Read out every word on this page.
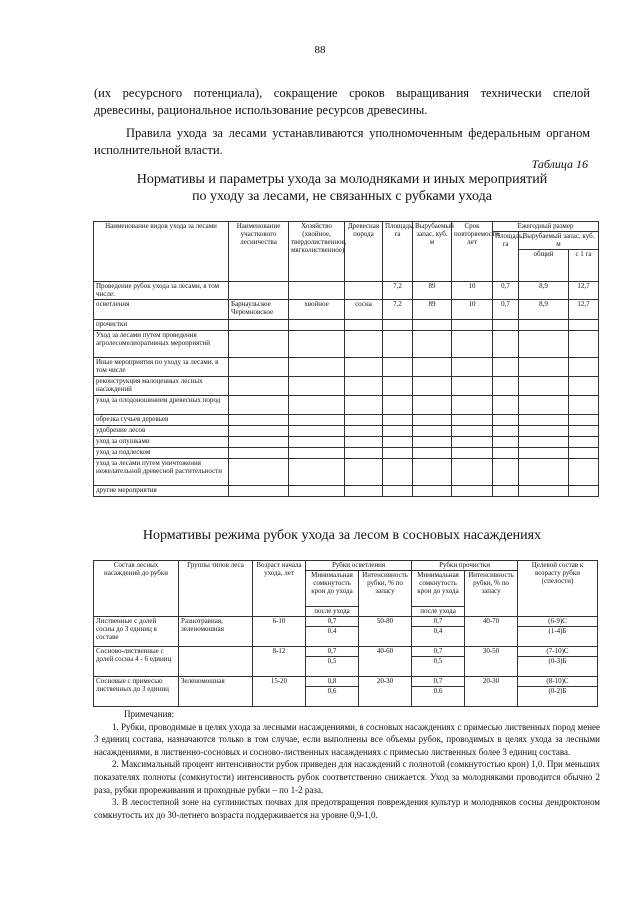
88

(их ресурсного потенциала), сокращение сроков выращивания технически спелой древесины, рациональное использование ресурсов древесины.

Правила ухода за лесами устанавливаются уполномоченным федеральным органом исполнительной власти.

Таблица 16
Нормативы и параметры ухода за молодняками и иных мероприятий
по уходу за лесами, не связанных с рубками ухода
Наименование видов ухода за лесами	Наименование участкового лесничества	Хозяйство (хвойное, твердолиственное, мягколиственное)	Древесная порода	Площадь, га	Вырубаемый запас, куб. м	Срок повторяемости, лет	Ежегодный размер		
							Площадь, га	Вырубаемый запас, куб. м	
								общий	с 1 га
Проведение рубок ухода за лесами, в том числе:				7,2	89	10	0,7	8,9	12,7
осветления	Барнаульское Черемновское	хвойное	сосна	7,2	89	10	0,7	8,9	12,7
прочистки									
Уход за лесами путем проведения агролесомелиоративных мероприятий									
Иные мероприятия по уходу за лесами, в том числе									
реконструкция малоценных лесных насаждений									
уход за плодоношением древесных пород									
обрезка сучьев деревьев									
удобрение лесов									
уход за опушками									
уход за подлеском									
уход за лесами путем уничтожения нежелательной древесной растительности									
другие мероприятия									
Нормативы режима рубок ухода за лесом в сосновых насаждениях
Состав лесных насаждений до рубки	Группы типов леса	Возраст начала ухода, лет	Рубки осветления		Рубки прочистки		Целевой состав к возрасту рубки (спелости)
			Минимальная сомкнутость крон до ухода	Интенсивность рубки, % по запасу	Минимальная сомкнутость крон до ухода	Интенсивность рубки, % по запасу	
			после ухода		после ухода		
Лиственные с долей сосны до 3 единиц в составе	Разнотравная, зеленомошная	6-10	0,7	50-80	0,7	40-70	(6-9)С
			0,4		0,4		(1-4)Б
Сосново-лиственные с долей сосны 4 - 6 единиц		8-12	0,7	40-60	0,7	30-50	(7-10)С
			0,5		0,5		(0-3)Б
Сосновые с примесью лиственных до 3 единиц	Зеленомошная	15-20	0,8	20-30	0,7	20-30	(8-10)С
			0,6		0,6		(0-2)Б

Примечания:

1. Рубки, проводимые в целях ухода за лесными насаждениями, в сосновых насаждениях с примесью лиственных пород менее 3 единиц состава, назначаются только в том случае, если выполнены все объемы рубок, проводимых в целях ухода за лесными насаждениями, в лиственно-сосновых и сосново-лиственных насаждениях с примесью лиственных более 3 единиц состава.

2. Максимальный процент интенсивности рубок приведен для насаждений с полнотой (сомкнутостью крон) 1,0. При меньших показателях полноты (сомкнутости) интенсивность рубок соответственно снижается. Уход за молодняками проводится обычно 2 раза, рубки прореживания и проходные рубки – по 1-2 раза.

3. В лесостепной зоне на суглинистых почвах для предотвращения повреждения культур и молодняков сосны дендроктоном сомкнутость их до 30-летнего возраста поддерживается на уровне 0,9-1,0.
